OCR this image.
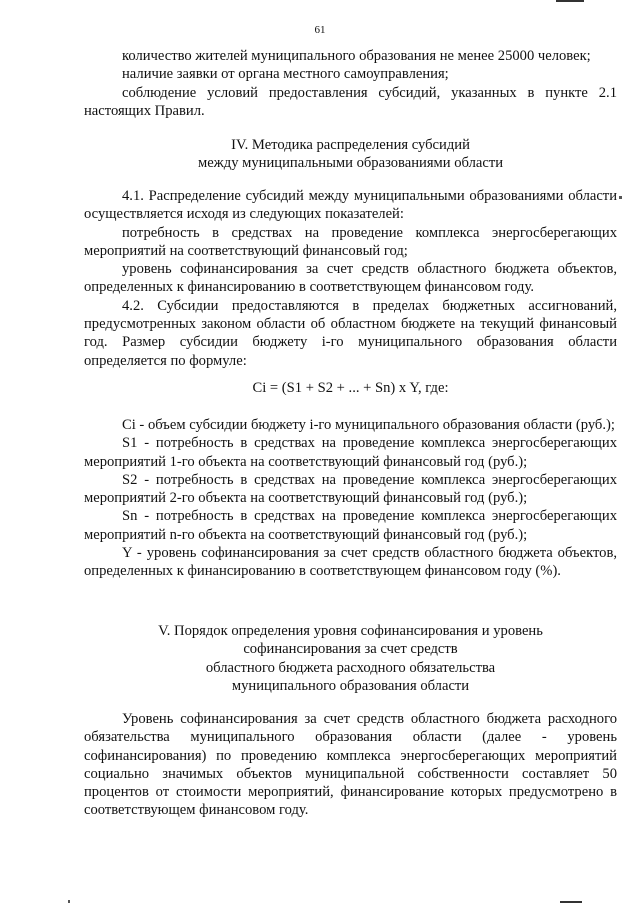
61

количество жителей муниципального образования не менее 25000 человек;

наличие заявки от органа местного самоуправления;

соблюдение условий предоставления субсидий, указанных в пункте 2.1 настоящих Правил.

IV. Методика распределения субсидий

между муниципальными образованиями области

4.1. Распределение субсидий между муниципальными образованиями области осуществляется исходя из следующих показателей:

потребность в средствах на проведение комплекса энергосберегающих мероприятий на соответствующий финансовый год;

уровень софинансирования за счет средств областного бюджета объектов, определенных к финансированию в соответствующем финансовом году.

4.2. Субсидии предоставляются в пределах бюджетных ассигнований, предусмотренных законом области об областном бюджете на текущий финансовый год. Размер субсидии бюджету i-го муниципального образования области определяется по формуле:

Ci = (S1 + S2 + ... + Sn) x Y, где:

Ci - объем субсидии бюджету i-го муниципального образования области (руб.);

S1 - потребность в средствах на проведение комплекса энергосберегающих мероприятий 1-го объекта на соответствующий финансовый год (руб.);

S2 - потребность в средствах на проведение комплекса энергосберегающих мероприятий 2-го объекта на соответствующий финансовый год (руб.);

Sn - потребность в средствах на проведение комплекса энергосберегающих мероприятий n-го объекта на соответствующий финансовый год (руб.);

Y - уровень софинансирования за счет средств областного бюджета объектов, определенных к финансированию в соответствующем финансовом году (%).

V. Порядок определения уровня софинансирования и уровень

софинансирования за счет средств

областного бюджета расходного обязательства

муниципального образования области

Уровень софинансирования за счет средств областного бюджета расходного обязательства муниципального образования области (далее - уровень софинансирования) по проведению комплекса энергосберегающих мероприятий социально значимых объектов муниципальной собственности составляет 50 процентов от стоимости мероприятий, финансирование которых предусмотрено в соответствующем финансовом году.
